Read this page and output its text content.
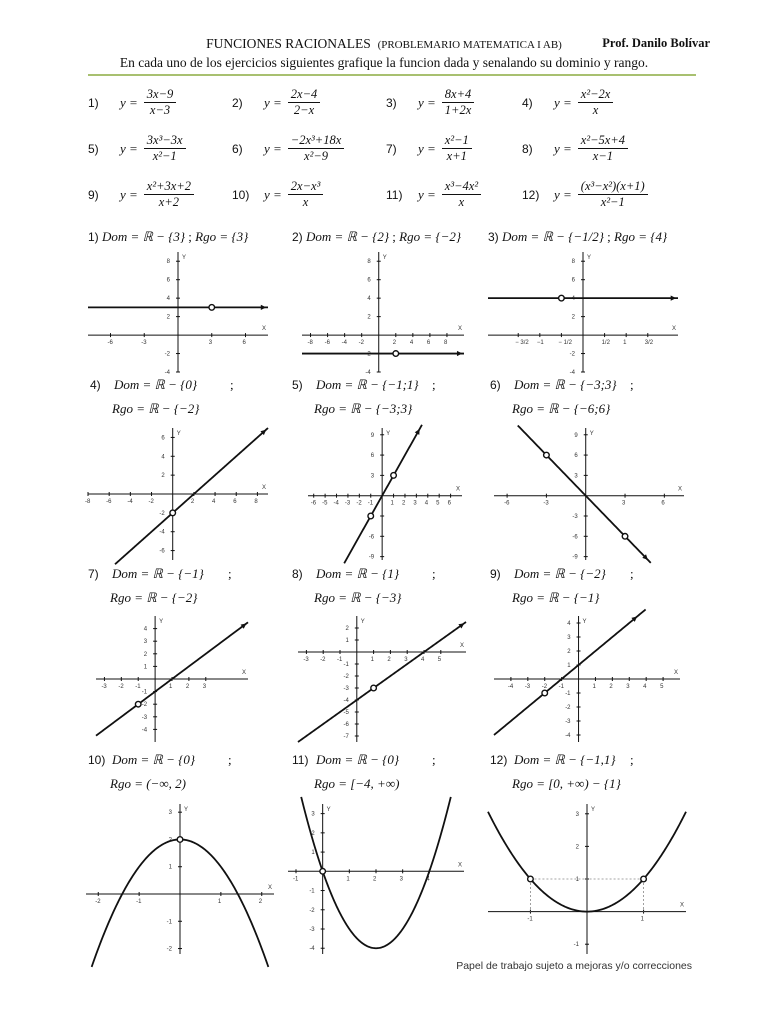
FUNCIONES RACIONALES (PROBLEMARIO MATEMATICA I AB)	Prof. Danilo Bolívar
En cada uno de los ejercicios siguientes grafique la funcion dada y senalando su dominio y rango.
1)	$y = \frac{3x-9}{x-3}$	2)	$y = \frac{2x-4}{2-x}$	3)	$y = \frac{8x+4}{1+2x}$	4)	$y = \frac{\text{x²−2x}}{x}$
5)	$y = \frac{\text{3x³−3x}}{\text{x²−1}}$	6)	$y = \frac{\text{−2x³+18x}}{\text{x²−9}}$	7)	$y = \frac{\text{x²−1}}{x+1}$	8)	$y = \frac{\text{x²−5x+4}}{x-1}$
9)	$y = \frac{\text{x²+3x+2}}{x+2}$	10)	$y = \frac{\text{2x−x³}}{x}$	11)	$y = \frac{\text{x³−4x²}}{x}$	12)	$y = \frac{\text{(x³−x²)(x+1)}}{\text{x²−1}}$
1) Dom = ℝ − {3} ; Rgo = {3}	2) Dom = ℝ − {2} ; Rgo = {−2} 3) Dom = ℝ − {−1/2} ; Rgo = {4}
4) Dom = ℝ − {0}	;
Rgo = ℝ − {−2}
5) Dom = ℝ − {−1;1} ;
Rgo = ℝ − {−3;3}
6) Dom = ℝ − {−3;3} ;
Rgo = ℝ − {−6;6}
7) Dom = ℝ − {−1} ;
Rgo = ℝ − {−2}
8) Dom = ℝ − {1}	;
Rgo = ℝ − {−3}
9) Dom = ℝ − {−2} ;
Rgo = ℝ − {−1}
10) Dom = ℝ − {0}	;
Rgo = (−∞, 2)
11) Dom = ℝ − {0}	;
Rgo = [−4, +∞)
12) Dom = ℝ − {−1,1} ;
Rgo = [0, +∞) − {1}
X
Y
-6	-3	3	6
-4
-2
2
4
6
8
X
Y
-8 -6 -4 -2	2 4 6 8
-4
-2
2
4
6
8
X
Y
− 3/2 −1 − 1/2	1/2 1	3/2
-4
-2
2
4
6
8
X
Y
-8	-6	-4	-2	2	4	6	8
-6
-4
-2
2
4
6
X
Y
-6 -5 -4 -3 -2 -1	1 2 3 4 5 6
-9
-6
3
6
9
X
Y
-6	-3	3	6
-9
-6
-3
3
6
9
X
Y
-3 -2 -1	1 2 3
-4
-3
-2
-1
1
2
3
4
X
Y
-3 -2 -1	1 2 3 4 5
-7
-6
-5
-4
-3
-2
-1
1
2
X
Y
-4 -3 -2 -1	1 2 3 4 5
-4
-3
-2
-1
1
2
3
4
X
Y
-2	-1	1	2
-2
-1
1
2
3
X
Y
-1	1	2	3	4
-4
-3
-2
-1
1
2
3
X
Y
-1	1
-1
1
2
3
Papel de trabajo sujeto a mejoras y/o correcciones
